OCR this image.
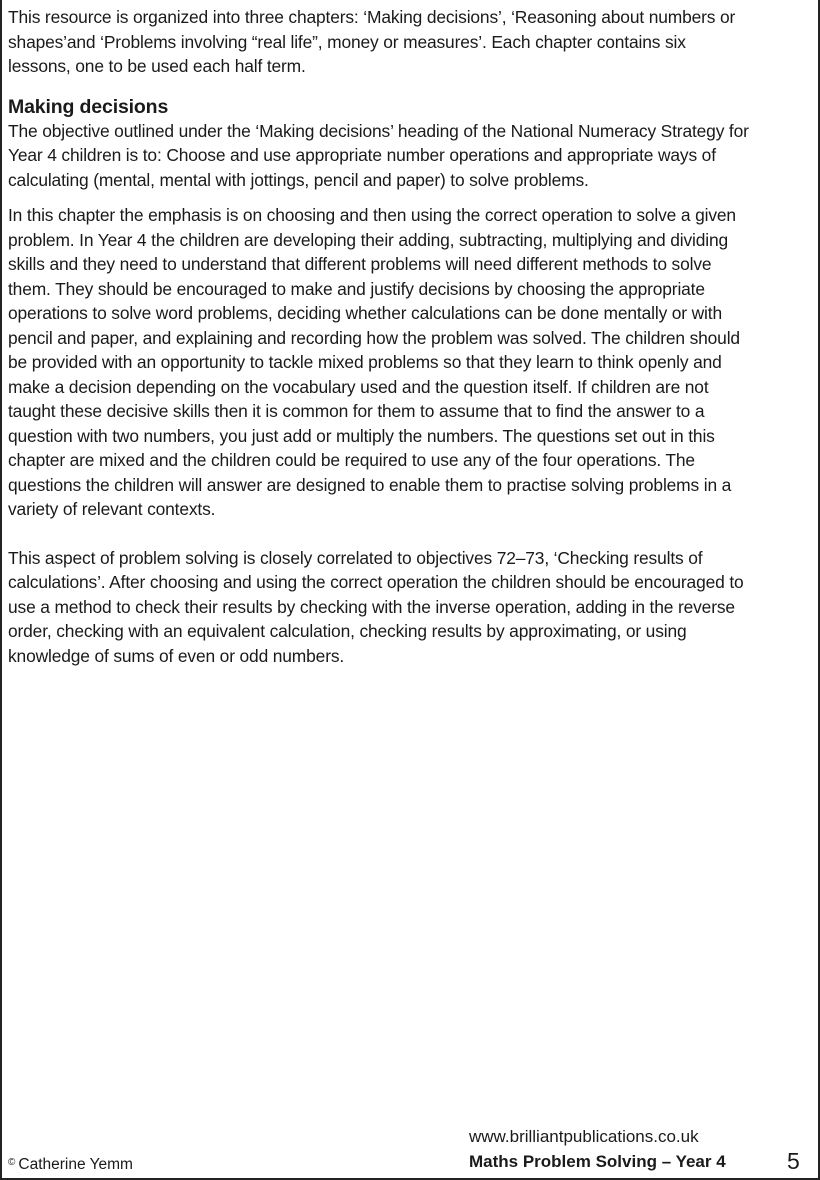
This resource is organized into three chapters: ‘Making decisions’, ‘Reasoning about numbers or shapes’and ‘Problems involving “real life”, money or measures’. Each chapter contains six lessons, one to be used each half term.

Making decisions

The objective outlined under the ‘Making decisions’ heading of the National Numeracy Strategy for Year 4 children is to: Choose and use appropriate number operations and appropriate ways of calculating (mental, mental with jottings, pencil and paper) to solve problems.

In this chapter the emphasis is on choosing and then using the correct operation to solve a given problem. In Year 4 the children are developing their adding, subtracting, multiplying and dividing skills and they need to understand that different problems will need different methods to solve them. They should be encouraged to make and justify decisions by choosing the appropriate operations to solve word problems, deciding whether calculations can be done mentally or with pencil and paper, and explaining and recording how the problem was solved. The children should be provided with an opportunity to tackle mixed problems so that they learn to think openly and make a decision depending on the vocabulary used and the question itself. If children are not taught these decisive skills then it is common for them to assume that to find the answer to a question with two numbers, you just add or multiply the numbers. The questions set out in this chapter are mixed and the children could be required to use any of the four operations. The questions the children will answer are designed to enable them to practise solving problems in a variety of relevant contexts.

This aspect of problem solving is closely correlated to objectives 72–73, ‘Checking results of calculations’. After choosing and using the correct operation the children should be encouraged to use a method to check their results by checking with the inverse operation, adding in the reverse order, checking with an equivalent calculation, checking results by approximating, or using knowledge of sums of even or odd numbers.

www.brilliantpublications.co.uk
© Catherine Yemm	Maths Problem Solving – Year 4	5
